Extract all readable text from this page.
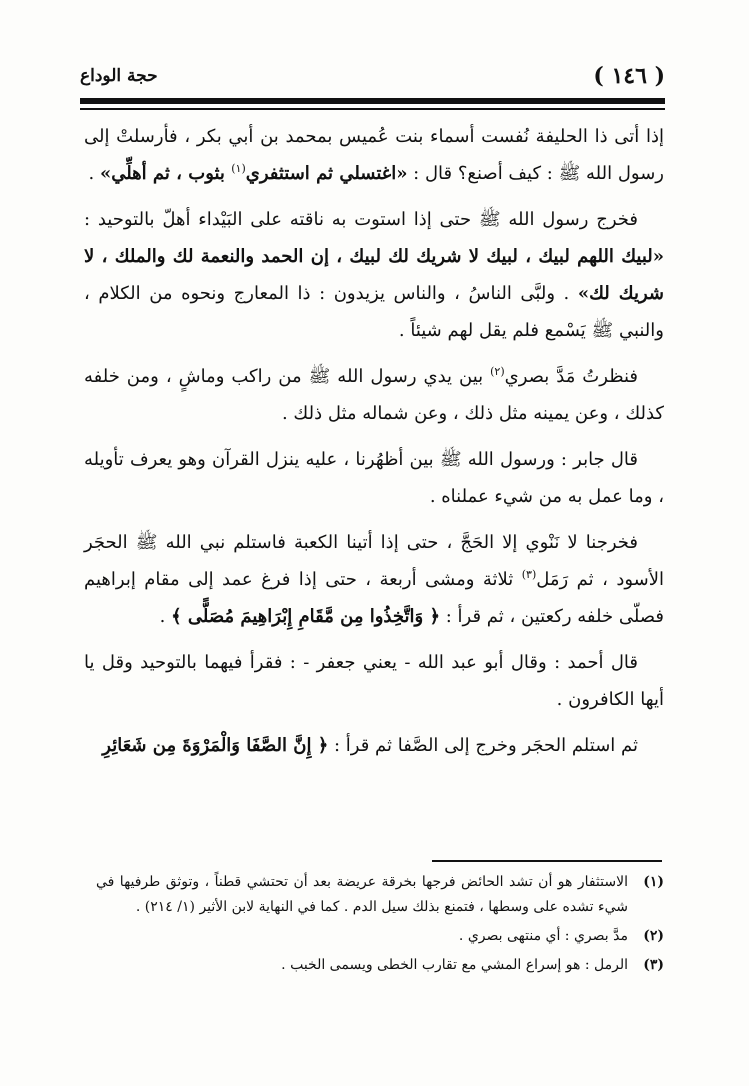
( ١٤٦ )
حجة الوداع

إذا أتى ذا الحليفة نُفست أسماء بنت عُميس بمحمد بن أبي بكر ، فأرسلتْ إلى رسول الله ﷺ : كيف أصنع؟ قال : «اغتسلي ثم استثفري$^{(١)}$ بثوب ، ثم أهلِّي» .

فخرج رسول الله ﷺ حتى إذا استوت به ناقته على البَيْداء أهلّ بالتوحيد : «لبيك اللهم لبيك ، لبيك لا شريك لك لبيك ، إن الحمد والنعمة لك والملك ، لا شريك لك» . ولبَّى الناسُ ، والناس يزيدون : ذا المعارج ونحوه من الكلام ، والنبي ﷺ يَسْمع فلم يقل لهم شيئاً .

فنظرتُ مَدَّ بصري$^{(٢)}$ بين يدي رسول الله ﷺ من راكب وماشٍ ، ومن خلفه كذلك ، وعن يمينه مثل ذلك ، وعن شماله مثل ذلك .

قال جابر : ورسول الله ﷺ بين أظهُرنا ، عليه ينزل القرآن وهو يعرف تأويله ، وما عمل به من شيء عملناه .

فخرجنا لا نَنْوي إلا الحَجَّ ، حتى إذا أتينا الكعبة فاستلم نبي الله ﷺ الحجَر الأسود ، ثم رَمَل$^{(٣)}$ ثلاثة ومشى أربعة ، حتى إذا فرغ عمد إلى مقام إبراهيم فصلّى خلفه ركعتين ، ثم قرأ : ﴿ وَاتَّخِذُوا مِن مَّقَامِ إِبْرَاهِيمَ مُصَلًّى ﴾ .

قال أحمد : وقال أبو عبد الله - يعني جعفر - : فقرأ فيهما بالتوحيد وقل يا أيها الكافرون .

ثم استلم الحجَر وخرج إلى الصَّفا ثم قرأ : ﴿ إِنَّ الصَّفَا وَالْمَرْوَةَ مِن شَعَائِرِ

(١)
الاستثفار هو أن تشد الحائض فرجها بخرقة عريضة بعد أن تحتشي قطناً ، وتوثق طرفيها في شيء تشده على وسطها ، فتمنع بذلك سيل الدم . كما في النهاية لابن الأثير (١/ ٢١٤) .
(٢)
مدَّ بصري : أي منتهى بصري .
(٣)
الرمل : هو إسراع المشي مع تقارب الخطى ويسمى الخبب .
